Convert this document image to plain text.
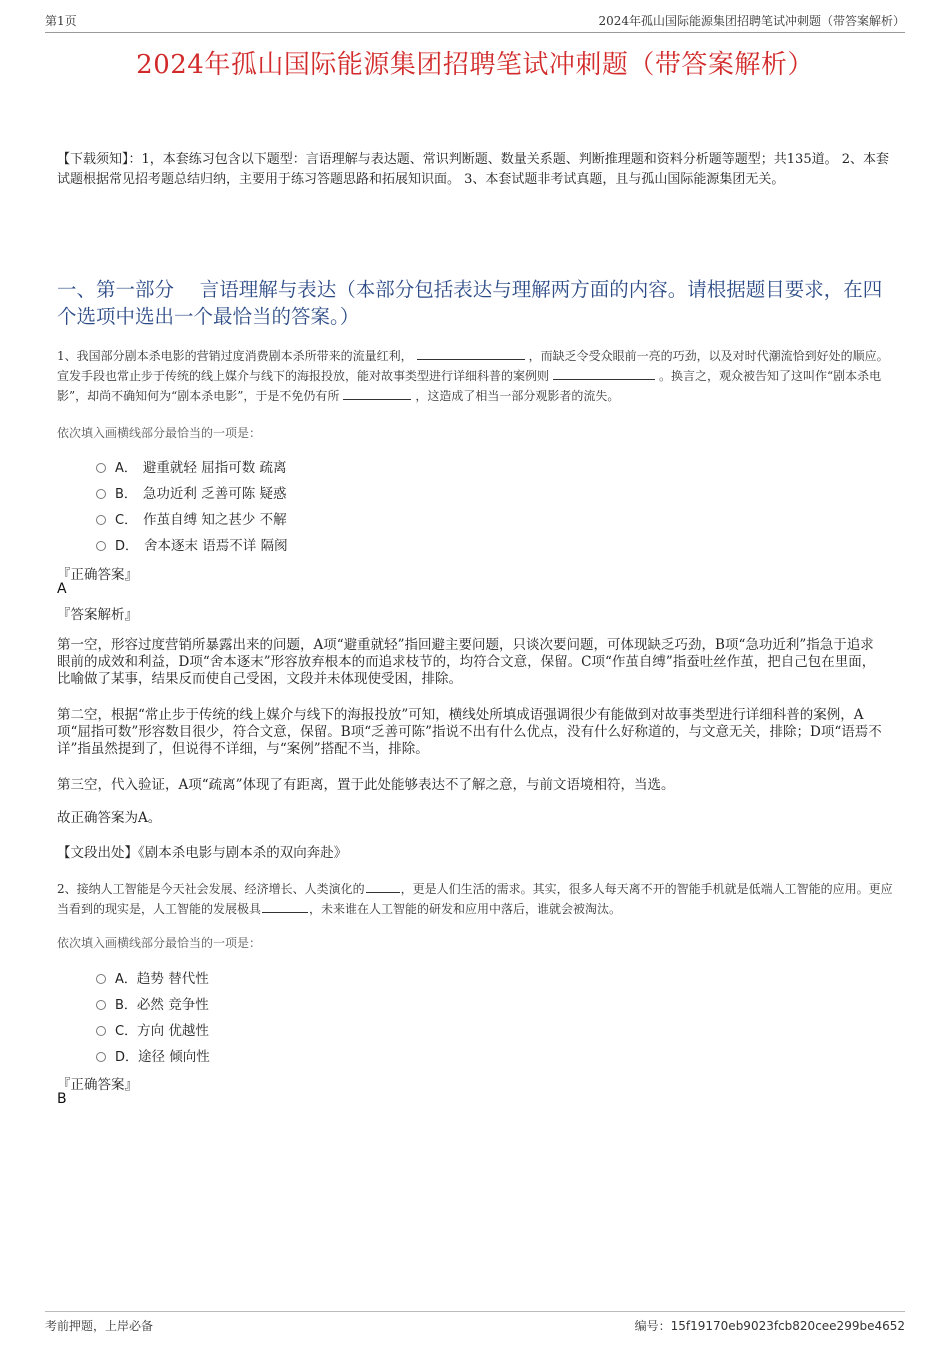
第1页	2024年孤山国际能源集团招聘笔试冲刺题（带答案解析）
2024年孤山国际能源集团招聘笔试冲刺题（带答案解析）
【下载须知】：1，本套练习包含以下题型：言语理解与表达题、常识判断题、数量关系题、判断推理题和资料分析题等题型；共135道。 2、本套试题根据常见招考题总结归纳，主要用于练习答题思路和拓展知识面。 3、本套试题非考试真题，且与孤山国际能源集团无关。
一、第一部分　 言语理解与表达（本部分包括表达与理解两方面的内容。请根据题目要求，在四个选项中选出一个最恰当的答案。）
1、我国部分剧本杀电影的营销过度消费剧本杀所带来的流量红利，	，而缺乏令受众眼前一亮的巧劲，以及对时代潮流恰到好处的顺应。宣发手段也常止步于传统的线上媒介与线下的海报投放，能对故事类型进行详细科普的案例则	。换言之，观众被告知了这叫作“剧本杀电影”，却尚不确知何为“剧本杀电影”，于是不免仍有所	，这造成了相当一部分观影者的流失。
依次填入画横线部分最恰当的一项是：
A． 避重就轻 屈指可数 疏离
B． 急功近利 乏善可陈 疑惑
C． 作茧自缚 知之甚少 不解
D． 舍本逐末 语焉不详 隔阂
『正确答案』
A
『答案解析』
第一空，形容过度营销所暴露出来的问题，A项“避重就轻”指回避主要问题，只谈次要问题，可体现缺乏巧劲，B项“急功近利”指急于追求眼前的成效和利益，D项“舍本逐末”形容放弃根本的而追求枝节的，均符合文意，保留。C项“作茧自缚”指蚕吐丝作茧，把自己包在里面，比喻做了某事，结果反而使自己受困，文段并未体现使受困，排除。
第二空，根据“常止步于传统的线上媒介与线下的海报投放”可知，横线处所填成语强调很少有能做到对故事类型进行详细科普的案例，A项“屈指可数”形容数目很少，符合文意，保留。B项“乏善可陈”指说不出有什么优点，没有什么好称道的，与文意无关，排除；D项“语焉不详”指虽然提到了，但说得不详细，与“案例”搭配不当，排除。
第三空，代入验证，A项“疏离”体现了有距离，置于此处能够表达不了解之意，与前文语境相符，当选。
故正确答案为A。
【文段出处】《剧本杀电影与剧本杀的双向奔赴》
2、接纳人工智能是今天社会发展、经济增长、人类演化的	，更是人们生活的需求。其实，很多人每天离不开的智能手机就是低端人工智能的应用。更应当看到的现实是，人工智能的发展极具	，未来谁在人工智能的研发和应用中落后，谁就会被淘汰。
依次填入画横线部分最恰当的一项是：
A． 趋势 替代性
B． 必然 竞争性
C． 方向 优越性
D． 途径 倾向性
『正确答案』
B
考前押题，上岸必备	编号：15f19170eb9023fcb820cee299be4652
